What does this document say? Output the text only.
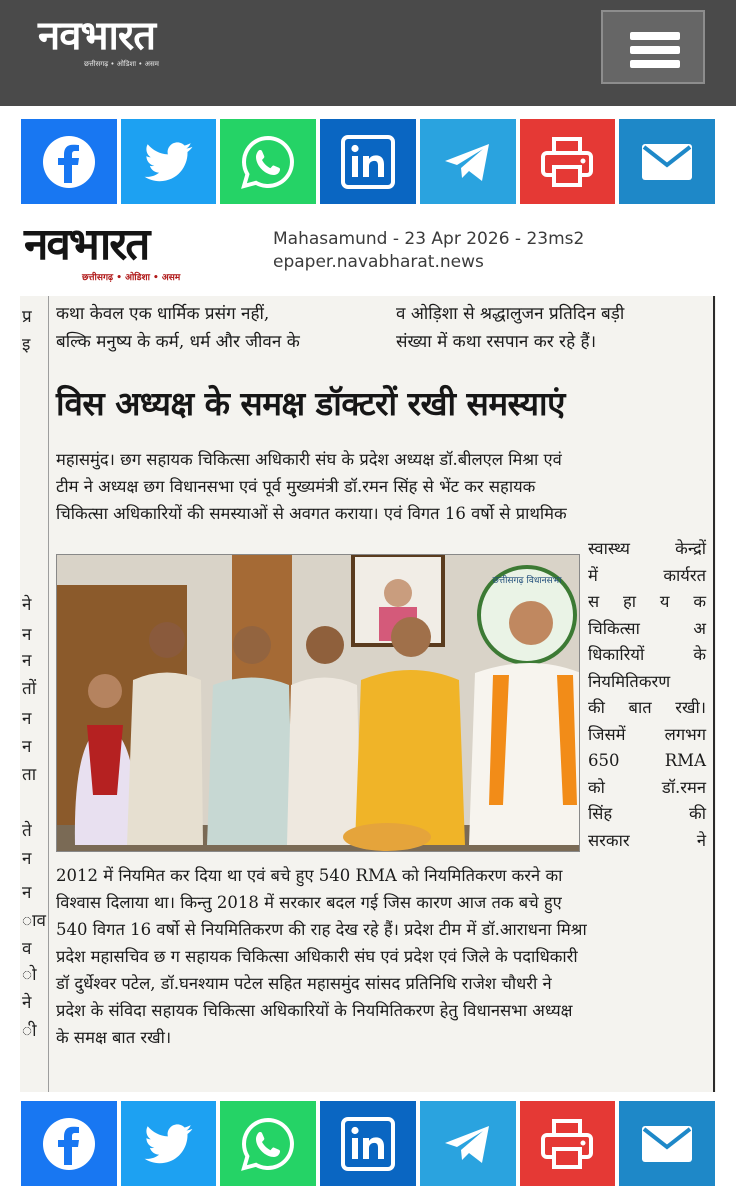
नवभारत
छत्तीसगढ़ • ओडिशा • असम
नवभारत
छत्तीसगढ़ • ओडिशा • असम
Mahasamund - 23 Apr 2026 - 23ms2
epaper.navabharat.news
प्र
इ
ने
न
न
तों
न
न
ता
ते
न
न
ाव
व
ो
ने
ी
कथा केवल एक धार्मिक प्रसंग नहीं,
बल्कि मनुष्य के कर्म, धर्म और जीवन के
व ओड़िशा से श्रद्धालुजन प्रतिदिन बड़ी
संख्या में कथा रसपान कर रहे हैं।
विस अध्यक्ष के समक्ष डॉक्टरों रखी समस्याएं
महासमुंद। छग सहायक चिकित्सा अधिकारी संघ के प्रदेश अध्यक्ष डॉ.बीलएल मिश्रा एवं
टीम ने अध्यक्ष छग विधानसभा एवं पूर्व मुख्यमंत्री डॉ.रमन सिंह से भेंट कर सहायक
चिकित्सा अधिकारियों की समस्याओं से अवगत कराया। एवं विगत 16 वर्षो से प्राथमिक
छत्तीसगढ़ विधानसभा
स्वास्थ्य केन्द्रों
में कार्यरत
स हा य क
चिकित्सा अ
धिकारियों के
नियमितिकरण
की बात रखी।
जिसमें लगभग
650 RMA
को डॉ.रमन
सिंह की
सरकार ने
2012 में नियमित कर दिया था एवं बचे हुए 540 RMA को नियमितिकरण करने का
विश्वास दिलाया था। किन्तु 2018 में सरकार बदल गई जिस कारण आज तक बचे हुए
540 विगत 16 वर्षो से नियमितिकरण की राह देख रहे हैं। प्रदेश टीम में डॉ.आराधना मिश्रा
प्रदेश महासचिव छ ग सहायक चिकित्सा अधिकारी संघ एवं प्रदेश एवं जिले के पदाधिकारी
डॉ दुर्धेश्वर पटेल, डॉ.घनश्याम पटेल सहित महासमुंद सांसद प्रतिनिधि राजेश चौधरी ने
प्रदेश के संविदा सहायक चिकित्सा अधिकारियों के नियमितिकरण हेतु विधानसभा अध्यक्ष
के समक्ष बात रखी।
